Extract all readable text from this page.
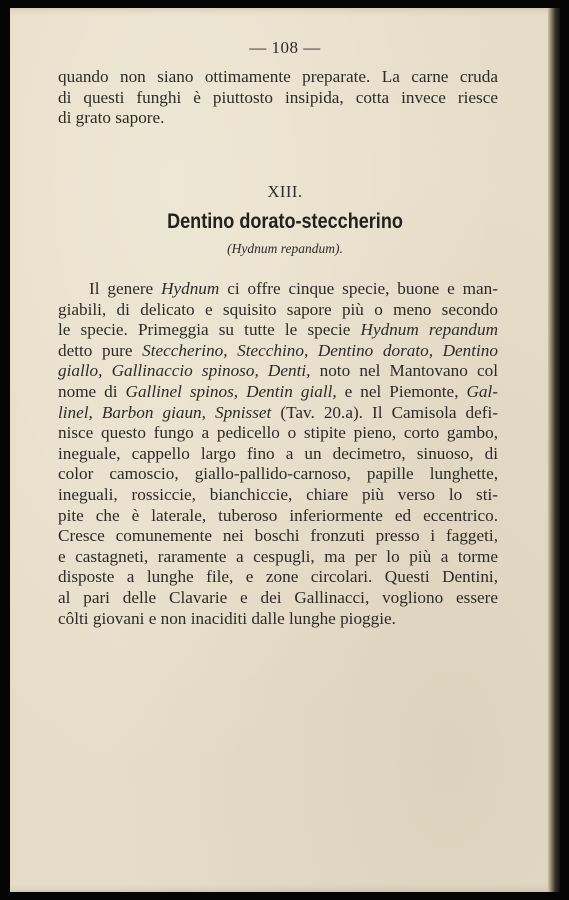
— 108 —
quando non siano ottimamente preparate. La carne cruda
di questi funghi è piuttosto insipida, cotta invece riesce
di grato sapore.
XIII.
Dentino dorato-steccherino
(Hydnum repandum).
Il genere Hydnum ci offre cinque specie, buone e man-
giabili, di delicato e squisito sapore più o meno secondo
le specie. Primeggia su tutte le specie Hydnum repandum
detto pure Steccherino, Stecchino, Dentino dorato, Dentino
giallo, Gallinaccio spinoso, Denti, noto nel Mantovano col
nome di Gallinel spinos, Dentin giall, e nel Piemonte, Gal-
linel, Barbon giaun, Spnisset (Tav. 20.a). Il Camisola defi-
nisce questo fungo a pedicello o stipite pieno, corto gambo,
ineguale, cappello largo fino a un decimetro, sinuoso, di
color camoscio, giallo-pallido-carnoso, papille lunghette,
ineguali, rossiccie, bianchiccie, chiare più verso lo sti-
pite che è laterale, tuberoso inferiormente ed eccentrico.
Cresce comunemente nei boschi fronzuti presso i faggeti,
e castagneti, raramente a cespugli, ma per lo più a torme
disposte a lunghe file, e zone circolari. Questi Dentini,
al pari delle Clavarie e dei Gallinacci, vogliono essere
côlti giovani e non inaciditi dalle lunghe pioggie.
